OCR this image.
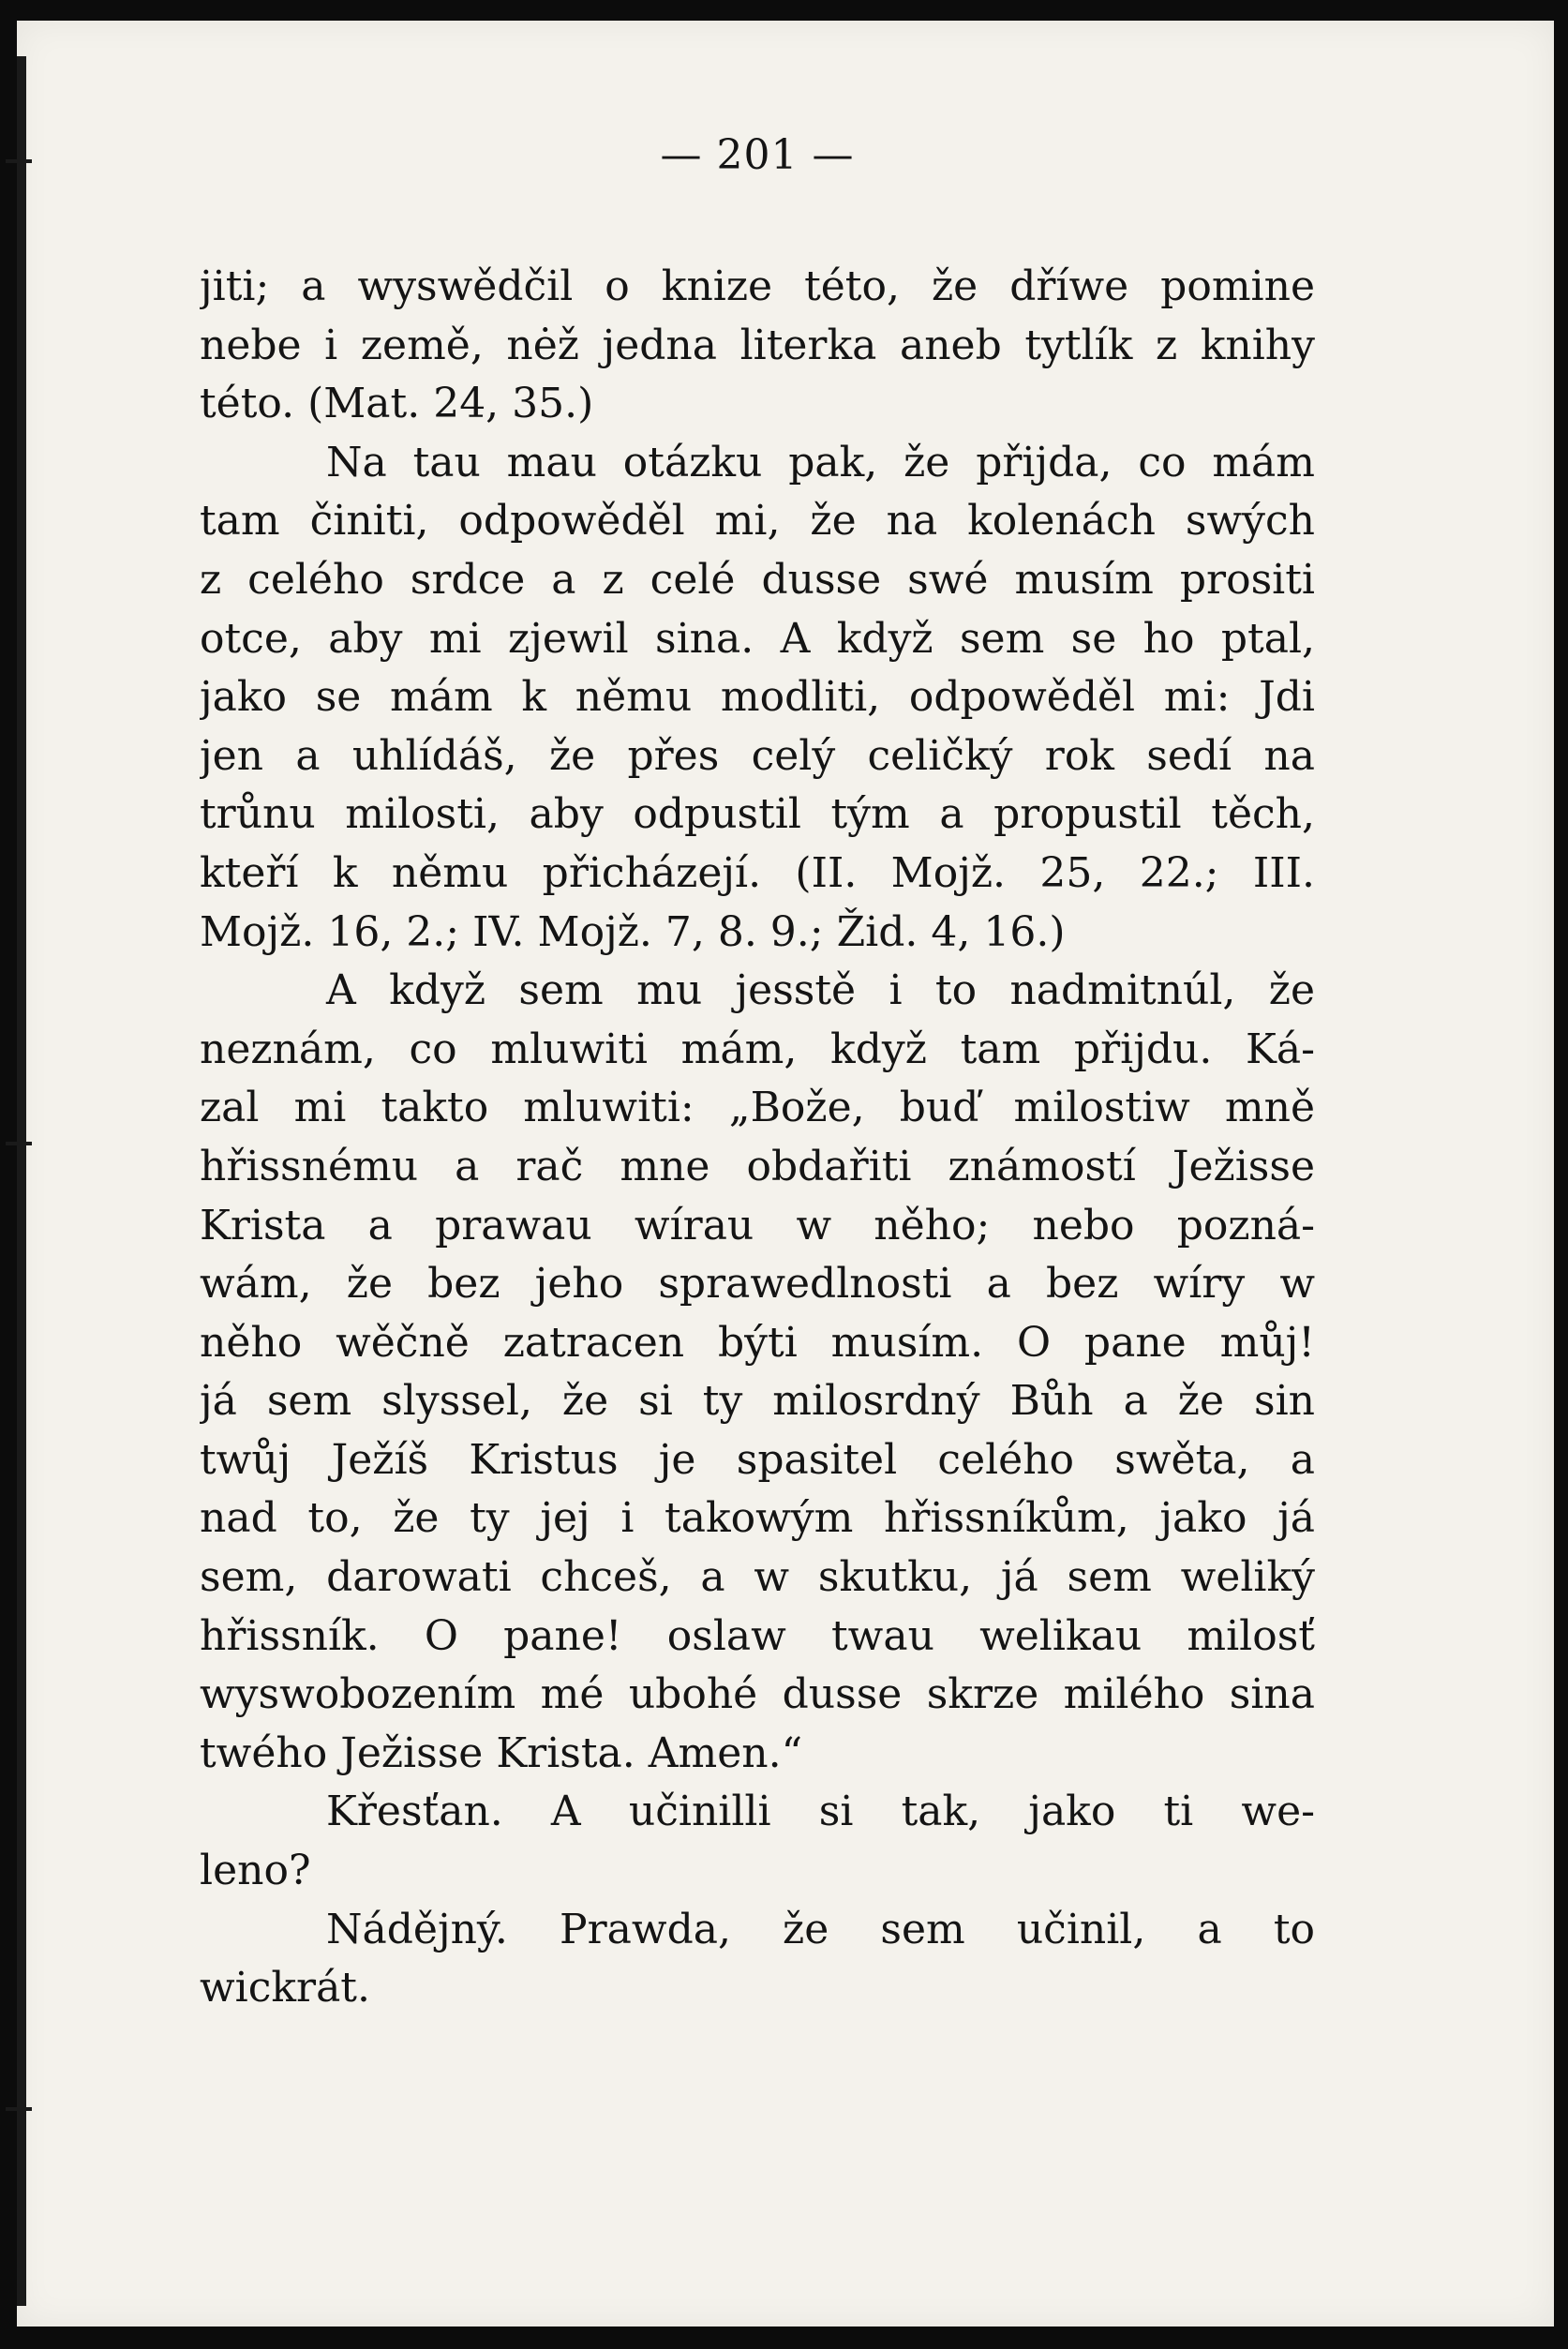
— 201 —
jiti; a wyswědčil o knize této, že dříwe pomine
nebe i země, nėž jedna literka aneb tytlík z knihy
této. (Mat. 24, 35.)
Na tau mau otázku pak, že přijda, co mám
tam činiti, odpowěděl mi, že na kolenách swých
z celého srdce a z celé dusse swé musím prositi
otce, aby mi zjewil sina. A když sem se ho ptal,
jako se mám k němu modliti, odpowěděl mi: Jdi
jen a uhlídáš, že přes celý celičký rok sedí na
trůnu milosti, aby odpustil tým a propustil těch,
kteří k němu přicházejí. (II. Mojž. 25, 22.; III.
Mojž. 16, 2.; IV. Mojž. 7, 8. 9.; Žid. 4, 16.)
A když sem mu jesstě i to nadmitnúl, že
neznám, co mluwiti mám, když tam přijdu. Ká-
zal mi takto mluwiti: „Bože, buď milostiw mně
hřissnému a rač mne obdařiti známostí Ježisse
Krista a prawau wírau w něho; nebo pozná-
wám, že bez jeho sprawedlnosti a bez wíry w
něho wěčně zatracen býti musím. O pane můj!
já sem slyssel, že si ty milosrdný Bůh a že sin
twůj Ježíš Kristus je spasitel celého swěta, a
nad to, že ty jej i takowým hřissníkům, jako já
sem, darowati chceš, a w skutku, já sem weliký
hřissník. O pane! oslaw twau welikau milosť
wyswobozením mé ubohé dusse skrze milého sina
twého Ježisse Krista. Amen.“
Křesťan. A učinilli si tak, jako ti we-
leno?
Nádějný. Prawda, že sem učinil, a to
wickrát.
